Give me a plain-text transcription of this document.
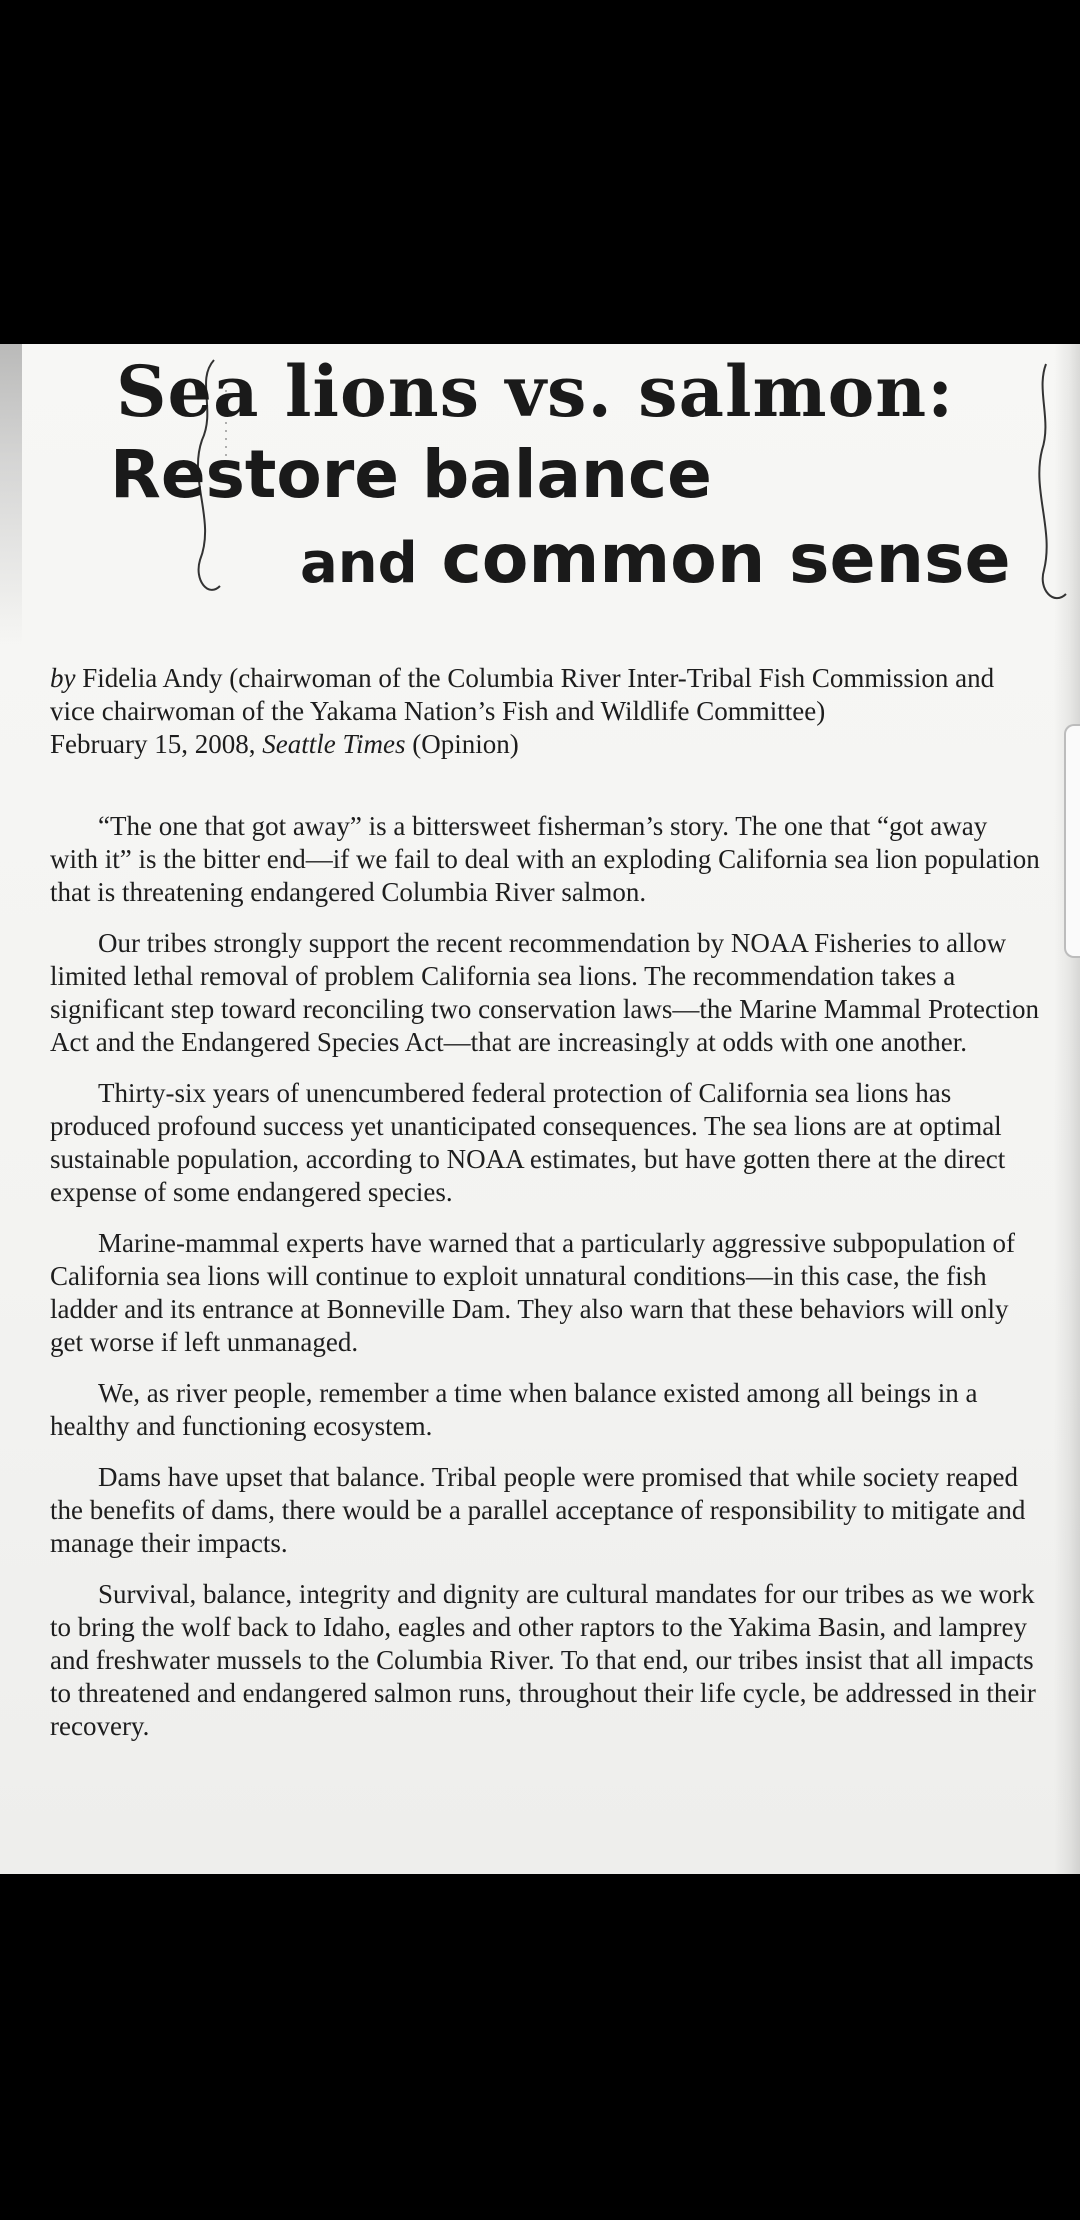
Sea lions vs. salmon:
Restore balance
and common sense
by Fidelia Andy (chairwoman of the Columbia River Inter-Tribal Fish Commission and vice chairwoman of the Yakama Nation’s Fish and Wildlife Committee)
February 15, 2008, Seattle Times (Opinion)

“The one that got away” is a bittersweet fisherman’s story. The one that “got away with it” is the bitter end—if we fail to deal with an exploding California sea lion population that is threatening endangered Columbia River salmon.

Our tribes strongly support the recent recommendation by NOAA Fisheries to allow limited lethal removal of problem California sea lions. The recommendation takes a significant step toward reconciling two conservation laws—the Marine Mammal Protection Act and the Endangered Species Act—that are increasingly at odds with one another.

Thirty-six years of unencumbered federal protection of California sea lions has produced profound success yet unanticipated consequences. The sea lions are at optimal sustainable population, according to NOAA estimates, but have gotten there at the direct expense of some endangered species.

Marine-mammal experts have warned that a particularly aggressive subpopulation of California sea lions will continue to exploit unnatural conditions—in this case, the fish ladder and its entrance at Bonneville Dam. They also warn that these behaviors will only get worse if left unmanaged.

We, as river people, remember a time when balance existed among all beings in a healthy and functioning ecosystem.

Dams have upset that balance. Tribal people were promised that while society reaped the benefits of dams, there would be a parallel acceptance of responsibility to mitigate and manage their impacts.

Survival, balance, integrity and dignity are cultural mandates for our tribes as we work to bring the wolf back to Idaho, eagles and other raptors to the Yakima Basin, and lamprey and freshwater mussels to the Columbia River. To that end, our tribes insist that all impacts to threatened and endangered salmon runs, throughout their life cycle, be addressed in their recovery.
